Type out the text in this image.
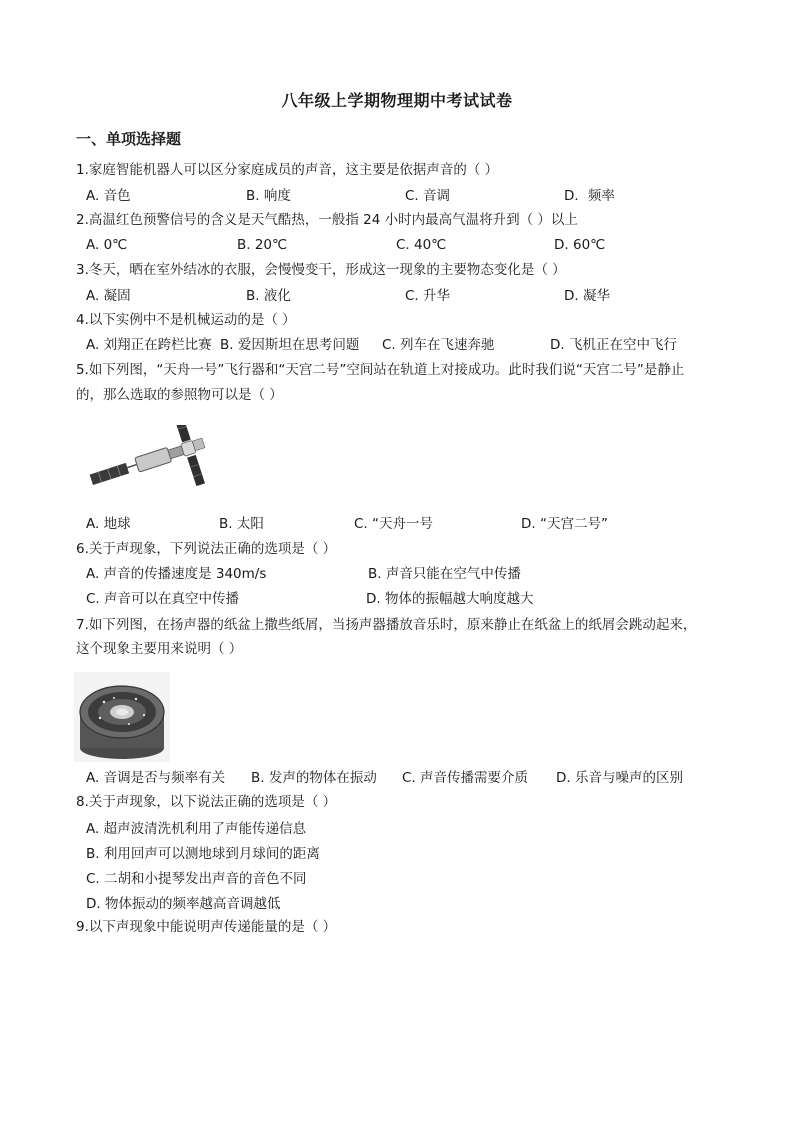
八年级上学期物理期中考试试卷
一、单项选择题
1.家庭智能机器人可以区分家庭成员的声音，这主要是依据声音的（ ）
A. 音色	B. 响度	C. 音调	D．频率
2.高温红色预警信号的含义是天气酷热，一般指 24 小时内最高气温将升到（ ）以上
A. 0℃	B. 20℃	C. 40℃	D. 60℃
3.冬天，晒在室外结冰的衣服，会慢慢变干，形成这一现象的主要物态变化是（ ）
A. 凝固	B. 液化	C. 升华	D. 凝华
4.以下实例中不是机械运动的是（ ）
A. 刘翔正在跨栏比赛 B. 爱因斯坦在思考问题 C. 列车在飞速奔驰	D. 飞机正在空中飞行
5.如下列图，“天舟一号”飞行器和“天宫二号”空间站在轨道上对接成功。此时我们说“天宫二号”是静止
的，那么选取的参照物可以是（ ）
A. 地球	B. 太阳	C. “天舟一号	D. “天宫二号”
6.关于声现象，下列说法正确的选项是（ ）
A. 声音的传播速度是 340m/s	B. 声音只能在空气中传播
C. 声音可以在真空中传播	D. 物体的振幅越大响度越大
7.如下列图，在扬声器的纸盆上撒些纸屑，当扬声器播放音乐时，原来静止在纸盆上的纸屑会跳动起来，
这个现象主要用来说明（ ）
A. 音调是否与频率有关 B. 发声的物体在振动 C. 声音传播需要介质 D. 乐音与噪声的区别
8.关于声现象，以下说法正确的选项是（ ）
A. 超声波清洗机利用了声能传递信息
B. 利用回声可以测地球到月球间的距离
C. 二胡和小提琴发出声音的音色不同
D. 物体振动的频率越高音调越低
9.以下声现象中能说明声传递能量的是（ ）
